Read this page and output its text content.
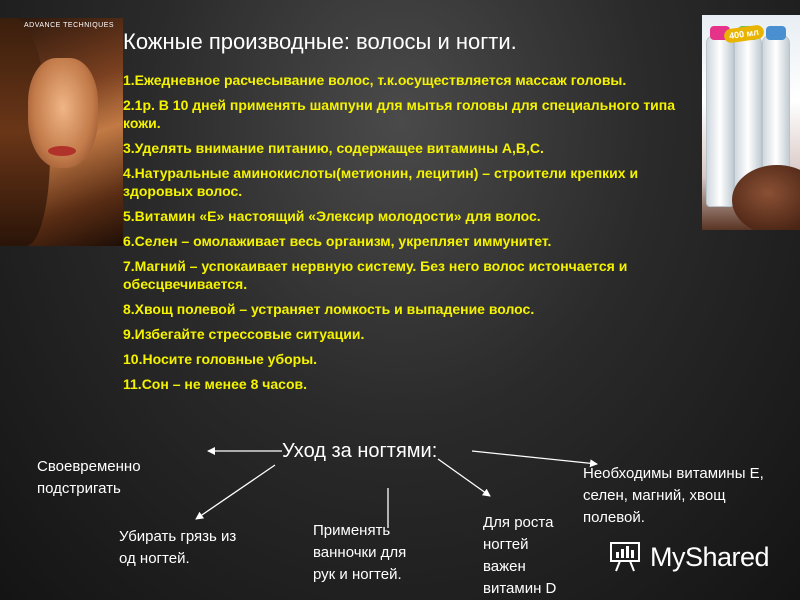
ADVANCE TECHNIQUES
400 мл
Кожные производные: волосы и ногти.
1.Ежедневное расчесывание волос, т.к.осуществляется массаж головы.
2.1р. В 10 дней применять шампуни для мытья головы для специального типа кожи.
3.Уделять внимание питанию, содержащее витамины А,В,С.
4.Натуральные аминокислоты(метионин, лецитин) – строители крепких и здоровых волос.
5.Витамин «Е» настоящий «Элексир молодости» для волос.
6.Селен – омолаживает весь организм, укрепляет иммунитет.
7.Магний – успокаивает нервную систему. Без него волос истончается и обесцвечивается.
8.Хвощ полевой – устраняет ломкость и выпадение волос.
9.Избегайте стрессовые ситуации.
10.Носите головные уборы.
11.Сон – не менее 8 часов.
Уход за ногтями:
Своевременно подстригать
Убирать грязь из од ногтей.
Применять ванночки для рук и ногтей.
Для роста ногтей важен витамин D
Необходимы витамины Е, селен, магний, хвощ полевой.
MyShared
